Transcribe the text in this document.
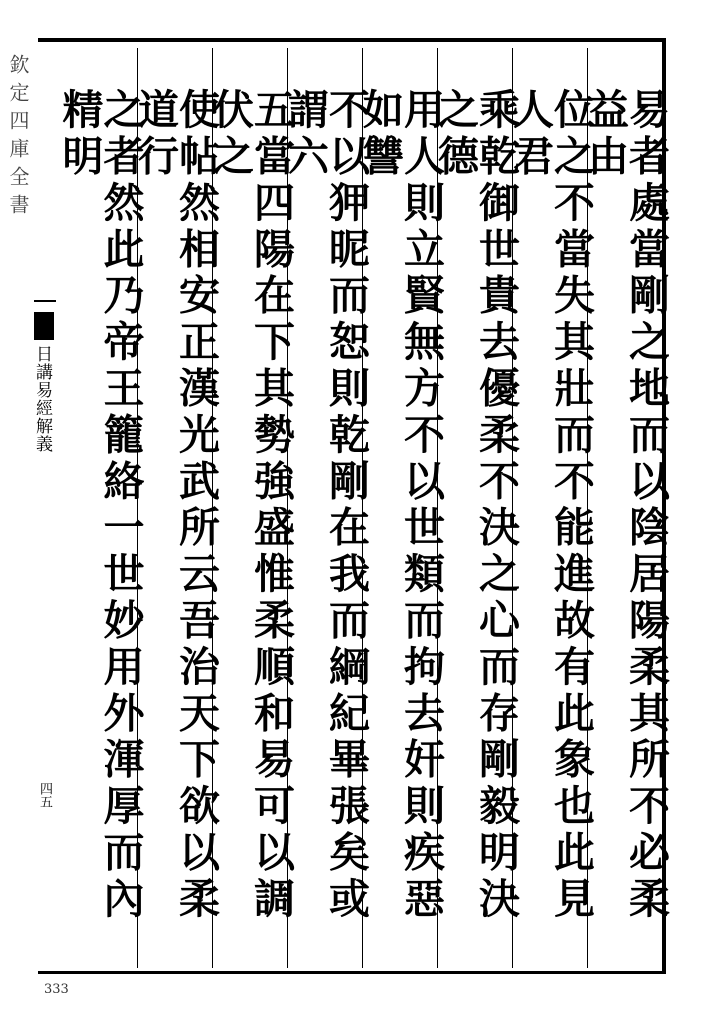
欽定四庫全書
日講易經解義
四五
333
易者處當剛之地而以陰居陽柔其所不必柔益由
位之不當失其壯而不能進故有此象也此見人君
乘乾御世貴去優柔不決之心而存剛毅明決之德
用人則立賢無方不以世類而拘去奸則疾惡如讐
不以狎昵而恕則乾剛在我而綱紀畢張矣或謂六
五當四陽在下其勢強盛惟柔順和易可以調伏之
使帖然相安正漢光武所云吾治天下欲以柔道行
之者然此乃帝王籠絡一世妙用外渾厚而內精明
